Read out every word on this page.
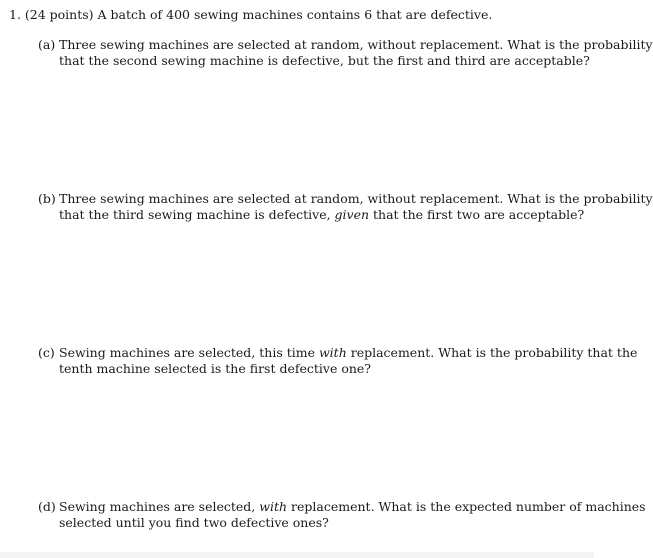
1. (24 points) A batch of 400 sewing machines contains 6 that are defective.
(a) Three sewing machines are selected at random, without replacement. What is the probability
that the second sewing machine is defective, but the first and third are acceptable?
(b) Three sewing machines are selected at random, without replacement. What is the probability
that the third sewing machine is defective, given that the first two are acceptable?
(c) Sewing machines are selected, this time with replacement. What is the probability that the
tenth machine selected is the first defective one?
(d) Sewing machines are selected, with replacement. What is the expected number of machines
selected until you find two defective ones?
